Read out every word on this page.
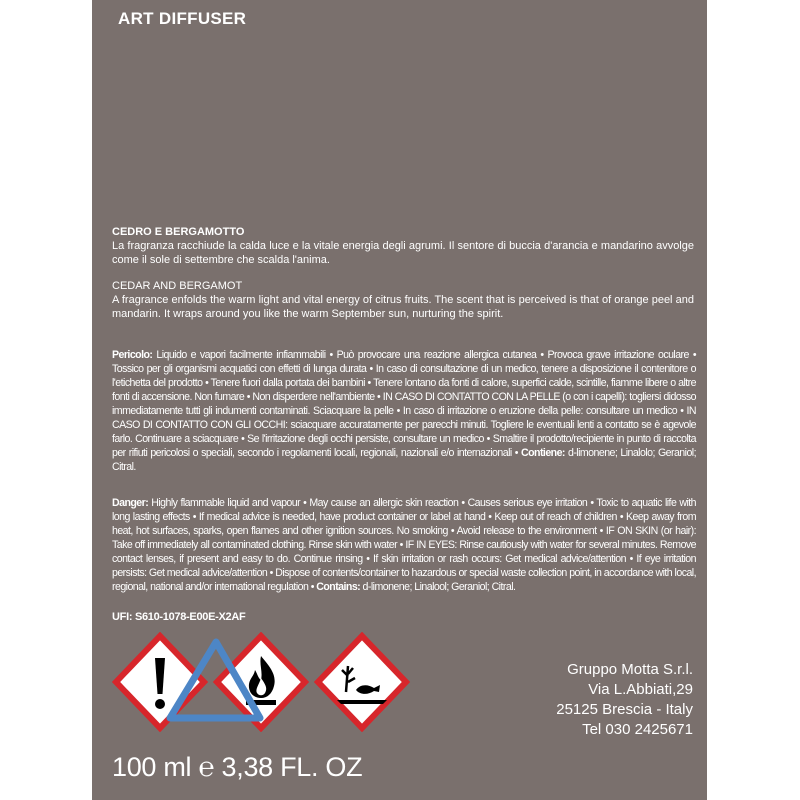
ART DIFFUSER
CEDRO E BERGAMOTTO
La fragranza racchiude la calda luce e la vitale energia degli agrumi. Il sentore di buccia d'arancia e mandarino avvolge come il sole di settembre che scalda l'anima.
CEDAR AND BERGAMOT
A fragrance enfolds the warm light and vital energy of citrus fruits. The scent that is perceived is that of orange peel and mandarin. It wraps around you like the warm September sun, nurturing the spirit.
Pericolo: Liquido e vapori facilmente infiammabili • Può provocare una reazione allergica cutanea • Provoca grave irritazione oculare • Tossico per gli organismi acquatici con effetti di lunga durata • In caso di consultazione di un medico, tenere a disposizione il contenitore o l'etichetta del prodotto • Tenere fuori dalla portata dei bambini • Tenere lontano da fonti di calore, superfici calde, scintille, fiamme libere o altre fonti di accensione. Non fumare • Non disperdere nell'ambiente • IN CASO DI CONTATTO CON LA PELLE (o con i capelli): togliersi didosso immediatamente tutti gli indumenti contaminati. Sciacquare la pelle • In caso di irritazione o eruzione della pelle: consultare un medico • IN CASO DI CONTATTO CON GLI OCCHI: sciacquare accuratamente per parecchi minuti. Togliere le eventuali lenti a contatto se è agevole farlo. Continuare a sciacquare • Se l'irritazione degli occhi persiste, consultare un medico • Smaltire il prodotto/recipiente in punto di raccolta per rifiuti pericolosi o speciali, secondo i regolamenti locali, regionali, nazionali e/o internazionali • Contiene: d-limonene; Linalolo; Geraniol; Citral.
Danger: Highly flammable liquid and vapour • May cause an allergic skin reaction • Causes serious eye irritation • Toxic to aquatic life with long lasting effects • If medical advice is needed, have product container or label at hand • Keep out of reach of children • Keep away from heat, hot surfaces, sparks, open flames and other ignition sources. No smoking • Avoid release to the environment • IF ON SKIN (or hair): Take off immediately all contaminated clothing. Rinse skin with water • IF IN EYES: Rinse cautiously with water for several minutes. Remove contact lenses, if present and easy to do. Continue rinsing • If skin irritation or rash occurs: Get medical advice/attention • If eye irritation persists: Get medical advice/attention • Dispose of contents/container to hazardous or special waste collection point, in accordance with local, regional, national and/or international regulation • Contains: d-limonene; Linalool; Geraniol; Citral.
UFI: S610-1078-E00E-X2AF
Gruppo Motta S.r.l.
Via L.Abbiati,29
25125 Brescia - Italy
Tel 030 2425671
100 ml ℮ 3,38 FL. OZ
